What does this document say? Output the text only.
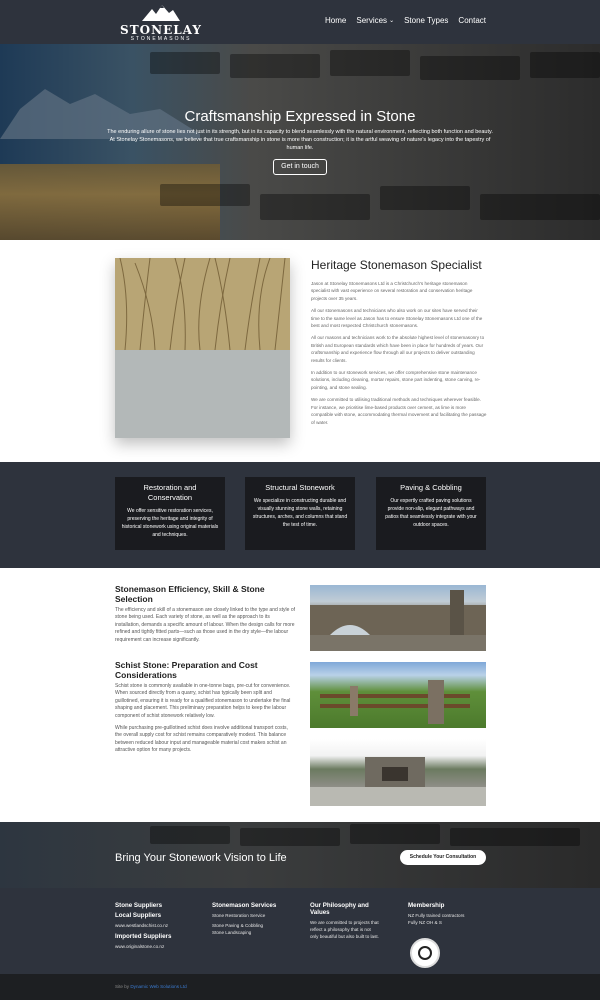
STONELAY
STONEMASONS
Home Services ⌄ Stone Types Contact
Craftsmanship Expressed in Stone
The enduring allure of stone lies not just in its strength, but in its capacity to blend seamlessly with the natural environment, reflecting both function and beauty. At Stonelay Stonemasons, we believe that true craftsmanship in stone is more than construction; it is the artful weaving of nature's legacy into the tapestry of human life.
Get in touch
Heritage Stonemason Specialist

Jason at Stonelay Stonemasons Ltd is a Christchurch's heritage stonemason specialist with vast experience on several restoration and conservation heritage projects over 35 years.

All our stonemasons and technicians who also work on our sites have served their time to the same level as Jason has to ensure Stonelay Stonemasons Ltd one of the best and most respected Christchurch stonemasons.

All our masons and technicians work to the absolute highest level of stonemasonry to British and European standards which have been in place for hundreds of years. Our craftsmanship and experience flow through all our projects to deliver outstanding results for clients.

In addition to our stonework services, we offer comprehensive stone maintenance solutions, including cleaning, mortar repairs, stone part indenting, stone carving, re-pointing, and stone sealing.

We are committed to utilising traditional methods and techniques wherever feasible. For instance, we prioritise lime-based products over cement, as lime is more compatible with stone, accommodating thermal movement and facilitating the passage of water.

Restoration and Conservation
We offer sensitive restoration services, preserving the heritage and integrity of historical stonework using original materials and techniques.
Structural Stonework
We specialize in constructing durable and visually stunning stone walls, retaining structures, arches, and columns that stand the test of time.
Paving & Cobbling
Our expertly crafted paving solutions provide non-slip, elegant pathways and patios that seamlessly integrate with your outdoor spaces.
Stonemason Efficiency, Skill & Stone Selection
The efficiency and skill of a stonemason are closely linked to the type and style of stone being used. Each variety of stone, as well as the approach to its installation, demands a specific amount of labour. When the design calls for more refined and tightly fitted parts—such as those used in the dry style—the labour requirement can increase significantly.
Schist Stone: Preparation and Cost Considerations

Schist stone is commonly available in one-tonne bags, pre-cut for convenience. When sourced directly from a quarry, schist has typically been split and guillotined, ensuring it is ready for a qualified stonemason to undertake the final shaping and placement. This preliminary preparation helps to keep the labour component of schist stonework relatively low.

While purchasing pre-guillotined schist does involve additional transport costs, the overall supply cost for schist remains comparatively modest. This balance between reduced labour input and manageable material cost makes schist an attractive option for many projects.

Bring Your Stonework Vision to Life	Schedule Your Consultation
Stone Suppliers
Local Suppliers
www.westlandschist.co.nz
Imported Suppliers
www.originalstone.co.nz
Stonemason Services
Stone Restoration Service
Stone Paving & Cobbling
Stone Landscaping
Our Philosophy and Values
We are committed to projects that reflect a philosophy that is not only beautiful but also built to last.
Membership
NZ Fully trained contractors
Fully NZ OH & S
Site by Dynamic Web Solutions Ltd
